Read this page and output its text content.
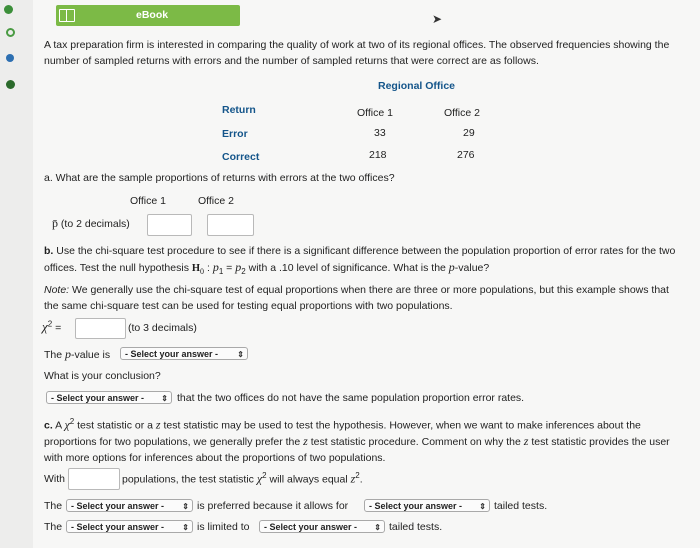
eBook	➤
A tax preparation firm is interested in comparing the quality of work at two of its regional offices. The observed frequencies showing the number of sampled returns with errors and the number of sampled returns that were correct are as follows.
Regional Office
Return	Office 1	Office 2
Error	33	29
Correct	218	276
a. What are the sample proportions of returns with errors at the two offices?
Office 1	Office 2
p̄ (to 2 decimals)
b. Use the chi-square test procedure to see if there is a significant difference between the population proportion of error rates for the two offices. Test the null hypothesis $H_0$ : $p_1 = p_2$ with a .10 level of significance. What is the p-value?
Note: We generally use the chi-square test of equal proportions when there are three or more populations, but this example shows that the same chi-square test can be used for testing equal proportions with two populations.
$\chi^2$ =	(to 3 decimals)
The p-value is	- Select your answer - ⇕
What is your conclusion?
- Select your answer - ⇕ that the two offices do not have the same population proportion error rates.
c. A $\chi^2$ test statistic or a z test statistic may be used to test the hypothesis. However, when we want to make inferences about the proportions for two populations, we generally prefer the z test statistic procedure. Comment on why the z test statistic provides the user with more options for inferences about the proportions of two populations.
With	populations, the test statistic $\chi^2$ will always equal $z^2$.
The - Select your answer - ⇕ is preferred because it allows for	- Select your answer - ⇕ tailed tests.
The - Select your answer - ⇕ is limited to	- Select your answer - ⇕ tailed tests.
